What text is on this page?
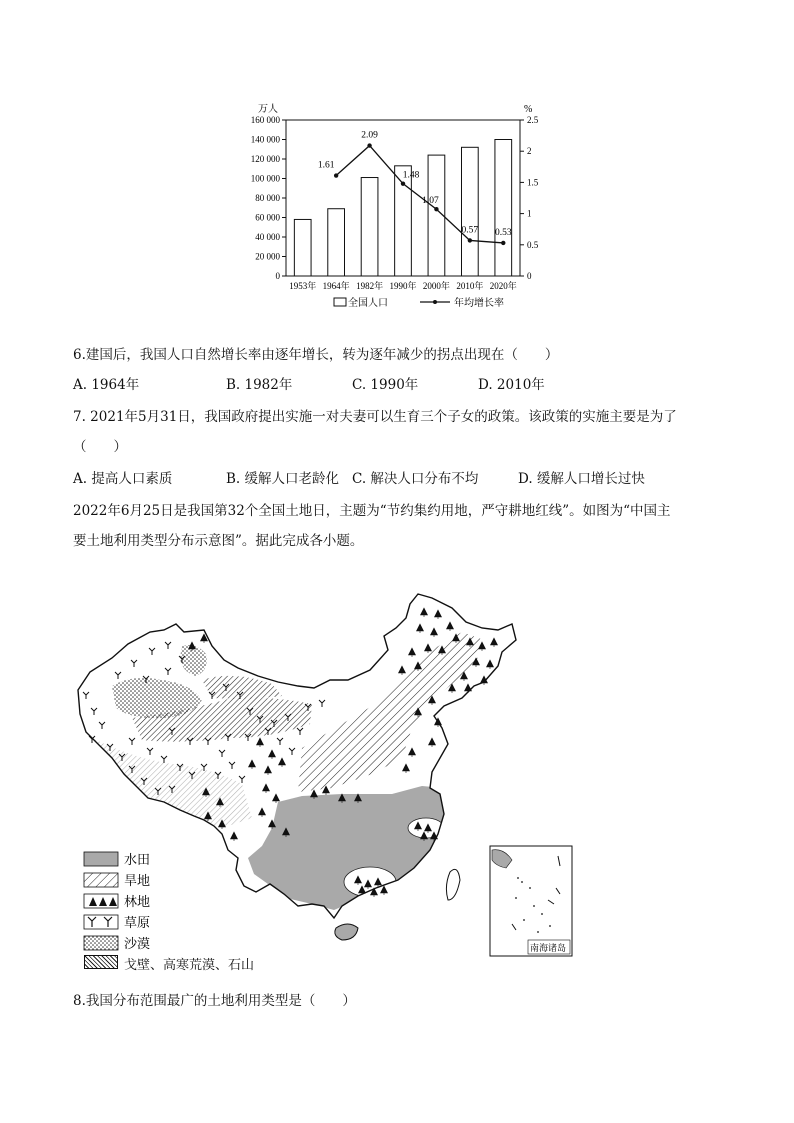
0
20 000
40 000
60 000
80 000
100 000
120 000
140 000
160 000
万人
0
0.5
1
1.5
2
2.5
%
1953年 1964年 1982年 1990年 2000年 2010年 2020年
1.61
2.09
1.48
1.07
0.57 0.53
全国人口	年均增长率
6.建国后，我国人口自然增长率由逐年增长，转为逐年减少的拐点出现在（　　）
A. 1964年	B. 1982年	C. 1990年	D. 2010年
7. 2021年5月31日，我国政府提出实施一对夫妻可以生育三个子女的政策。该政策的实施主要是为了
（　　）
A. 提高人口素质	B. 缓解人口老龄化 C. 解决人口分布不均	D. 缓解人口增长过快
2022年6月25日是我国第32个全国土地日，主题为“节约集约用地，严守耕地红线”。如图为“中国主
要土地利用类型分布示意图”。据此完成各小题。
水田
旱地
林地
草原
沙漠	南海诸岛
戈壁、高寒荒漠、石山
8.我国分布范围最广的土地利用类型是（　　）
